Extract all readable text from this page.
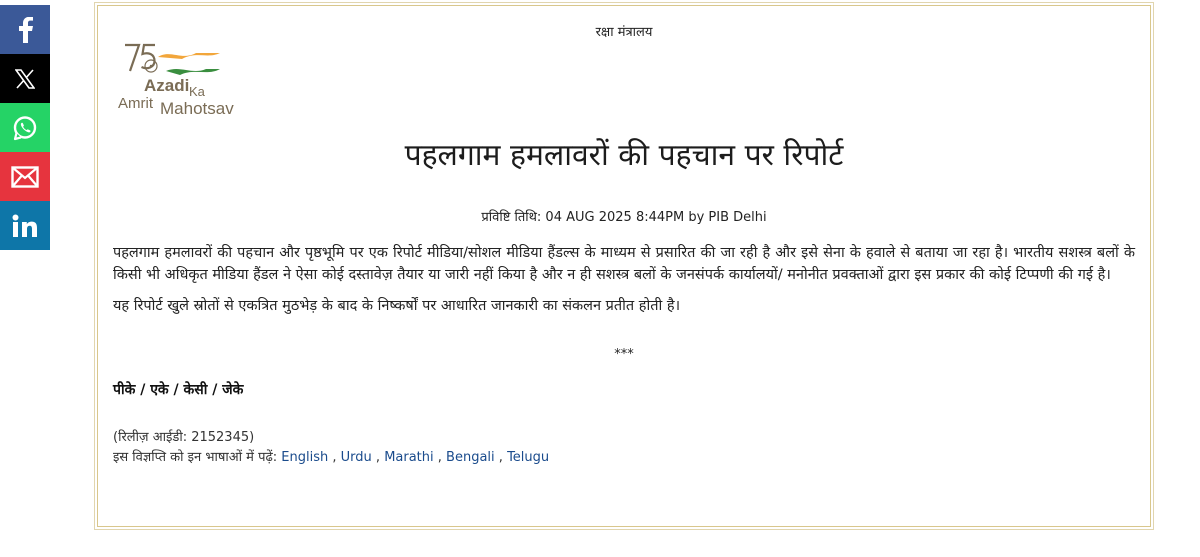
रक्षा मंत्रालय
Azadi Ka
Amrit Mahotsav
पहलगाम हमलावरों की पहचान पर रिपोर्ट
प्रविष्टि तिथि: 04 AUG 2025 8:44PM by PIB Delhi

पहलगाम हमलावरों की पहचान और पृष्ठभूमि पर एक रिपोर्ट मीडिया/सोशल मीडिया हैंडल्स के माध्यम से प्रसारित की जा रही है और इसे सेना के हवाले से बताया जा रहा है। भारतीय सशस्त्र बलों के किसी भी अधिकृत मीडिया हैंडल ने ऐसा कोई दस्तावेज़ तैयार या जारी नहीं किया है और न ही सशस्त्र बलों के जनसंपर्क कार्यालयों/ मनोनीत प्रवक्ताओं द्वारा इस प्रकार की कोई टिप्पणी की गई है।

यह रिपोर्ट खुले स्रोतों से एकत्रित मुठभेड़ के बाद के निष्कर्षों पर आधारित जानकारी का संकलन प्रतीत होती है।

***
पीके / एके / केसी / जेके
(रिलीज़ आईडी: 2152345)
इस विज्ञप्ति को इन भाषाओं में पढ़ें: English , Urdu , Marathi , Bengali , Telugu
